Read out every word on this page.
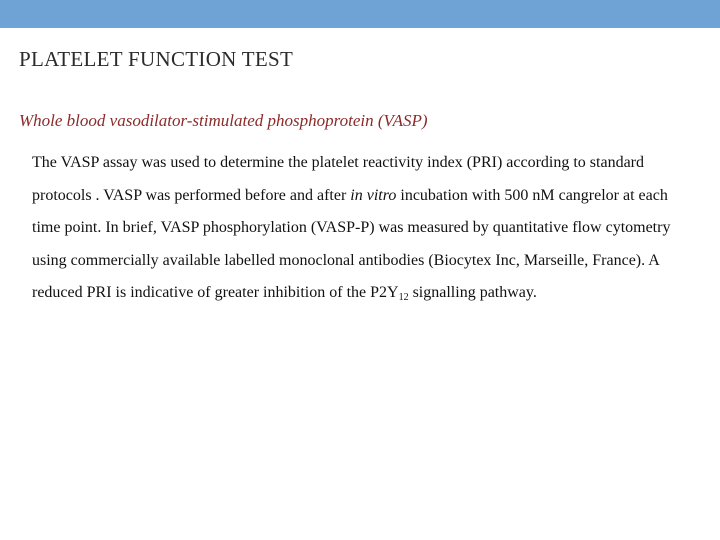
PLATELET FUNCTION TEST

Whole blood vasodilator-stimulated phosphoprotein (VASP)

The VASP assay was used to determine the platelet reactivity index (PRI) according to standard protocols . VASP was performed before and after in vitro incubation with 500 nM cangrelor at each time point. In brief, VASP phosphorylation (VASP-P) was measured by quantitative flow cytometry using commercially available labelled monoclonal antibodies (Biocytex Inc, Marseille, France). A reduced PRI is indicative of greater inhibition of the $P2Y_{12}$ signalling pathway.
